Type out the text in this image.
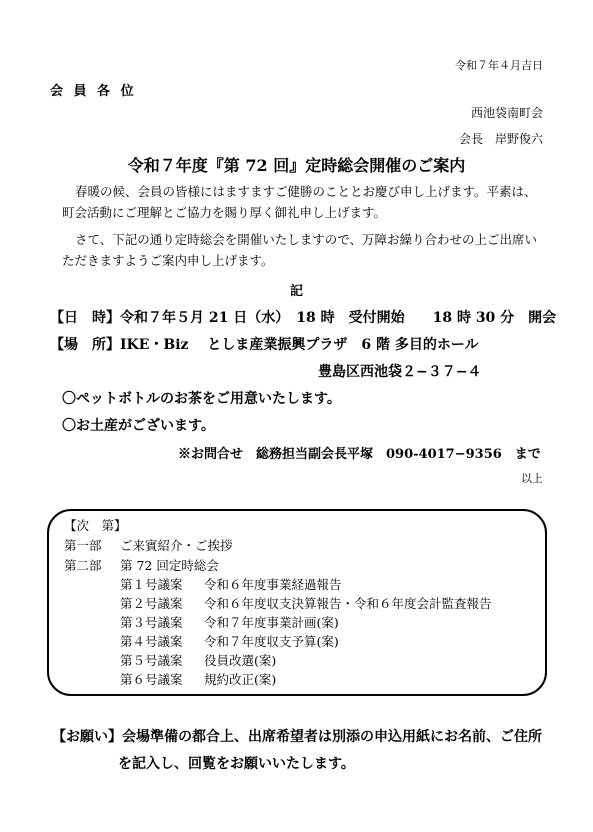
令和７年４月吉日
会 員 各 位
西池袋南町会
会長　岸野俊六
令和７年度『第 72 回』定時総会開催のご案内
春暖の候、会員の皆様にはますますご健勝のこととお慶び申し上げます。平素は、町会活動にご理解とご協力を賜り厚く御礼申し上げます。
さて、下記の通り定時総会を開催いたしますので、万障お繰り合わせの上ご出席いただきますようご案内申し上げます。
記
【日　時】令和７年５月 21 日（水）　18 時　受付開始　　18 時 30 分　開会
【場　所】IKE・Biz　 としま産業振興プラザ　6 階 多目的ホール
豊島区西池袋２−３７−４
〇ペットボトルのお茶をご用意いたします。
〇お土産がございます。
※お問合せ　総務担当副会長平塚　090-4017−9356　まで
以上
【次　第】
第一部 ご来賓紹介・ご挨拶
第二部 第 72 回定時総会
第１号議案 令和６年度事業経過報告
第２号議案 令和６年度収支決算報告・令和６年度会計監査報告
第３号議案 令和７年度事業計画(案)
第４号議案 令和７年度収支予算(案)
第５号議案 役員改選(案)
第６号議案 規約改正(案)
【お願い】会場準備の都合上、出席希望者は別添の申込用紙にお名前、ご住所
を記入し、回覧をお願いいたします。
